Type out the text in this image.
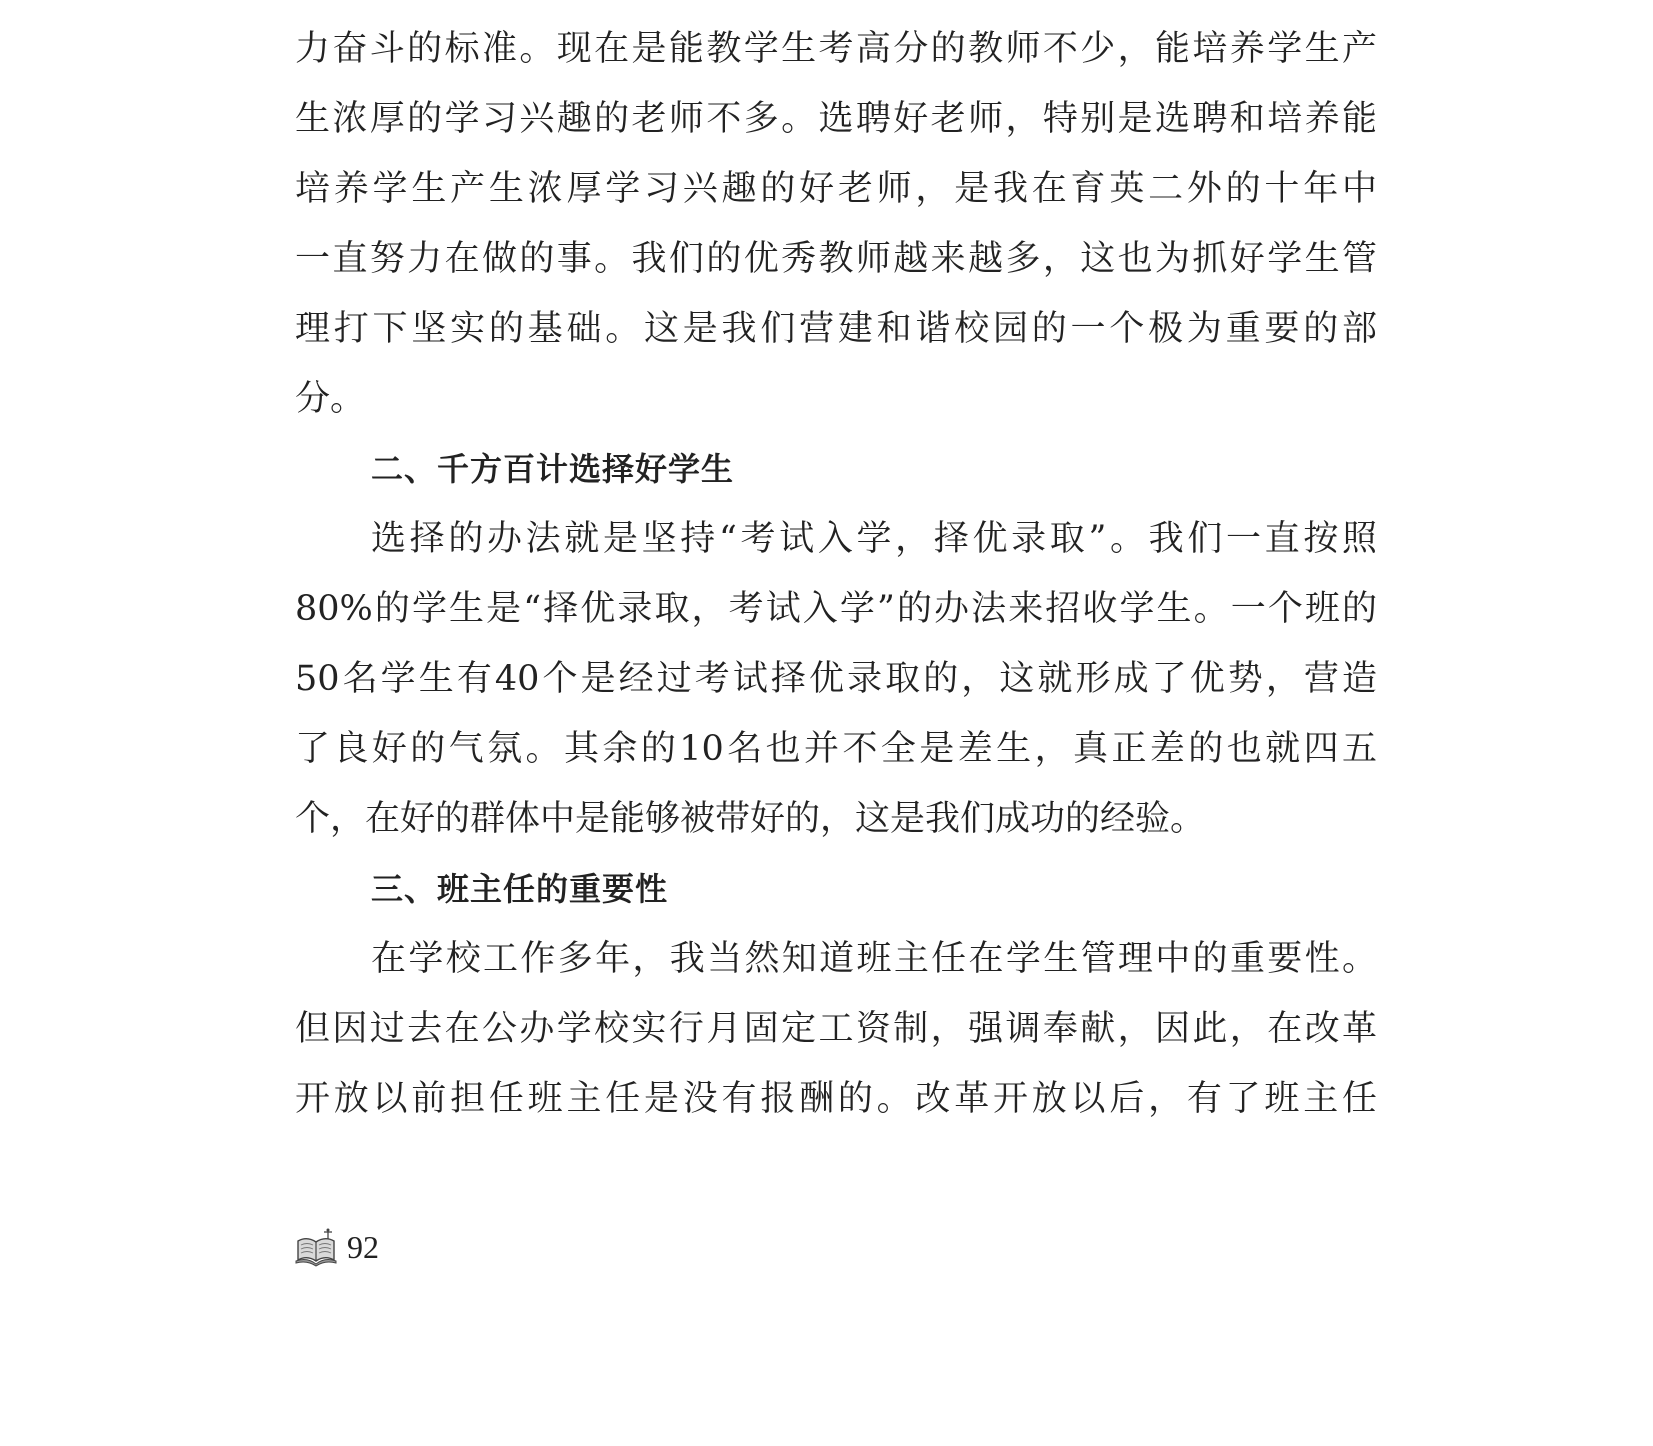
力奋斗的标准。现在是能教学生考高分的教师不少，能培养学生产
生浓厚的学习兴趣的老师不多。选聘好老师，特别是选聘和培养能
培养学生产生浓厚学习兴趣的好老师，是我在育英二外的十年中
一直努力在做的事。我们的优秀教师越来越多，这也为抓好学生管
理打下坚实的基础。这是我们营建和谐校园的一个极为重要的部
分。
二、千方百计选择好学生
选择的办法就是坚持“考试入学，择优录取”。我们一直按照
80%的学生是“择优录取，考试入学”的办法来招收学生。一个班的
50名学生有40个是经过考试择优录取的，这就形成了优势，营造
了良好的气氛。其余的10名也并不全是差生，真正差的也就四五
个，在好的群体中是能够被带好的，这是我们成功的经验。
三、班主任的重要性
在学校工作多年，我当然知道班主任在学生管理中的重要性。
但因过去在公办学校实行月固定工资制，强调奉献，因此，在改革
开放以前担任班主任是没有报酬的。改革开放以后，有了班主任
92
